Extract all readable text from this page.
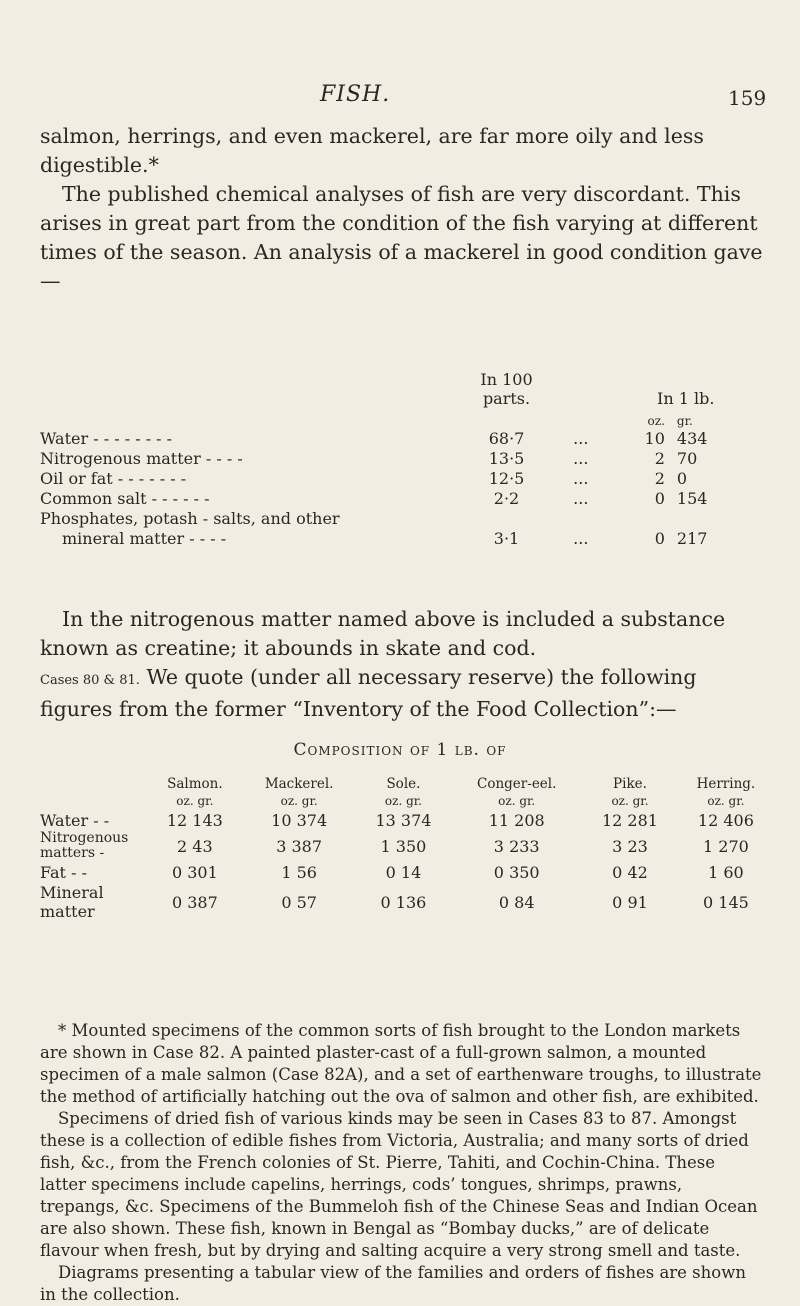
FISH.	159

salmon, herrings, and even mackerel, are far more oily and less digestible.*

The published chemical analyses of fish are very discordant. This arises in great part from the condition of the fish varying at different times of the season. An analysis of a mackerel in good condition gave—

	In 100 parts.		In 1 lb.	
			oz.	gr.
Water - - - - - - - -	68·7	...	10	434
Nitrogenous matter - - - -	13·5	...	2	70
Oil or fat - - - - - - -	12·5	...	2	0
Common salt - - - - - -	2·2	...	0	154
Phosphates, potash - salts, and other				
mineral matter - - - -	3·1	...	0	217

In the nitrogenous matter named above is included a substance known as creatine; it abounds in skate and cod.

Cases 80 & 81. We quote (under all necessary reserve) the following figures from the former “Inventory of the Food Collection”:—

Composition of 1 lb. of
	Salmon.	Mackerel.	Sole.	Conger-eel.	Pike.	Herring.
	oz. gr.	oz. gr.	oz. gr.	oz. gr.	oz. gr.	oz. gr.
Water - -	12 143	10 374	13 374	11 208	12 281	12 406
Nitrogenous matters -	2 43	3 387	1 350	3 233	3 23	1 270
Fat - -	0 301	1 56	0 14	0 350	0 42	1 60
Mineral matter	0 387	0 57	0 136	0 84	0 91	0 145

* Mounted specimens of the common sorts of fish brought to the London markets are shown in Case 82. A painted plaster-cast of a full-grown salmon, a mounted specimen of a male salmon (Case 82A), and a set of earthenware troughs, to illustrate the method of artificially hatching out the ova of salmon and other fish, are exhibited.

Specimens of dried fish of various kinds may be seen in Cases 83 to 87. Amongst these is a collection of edible fishes from Victoria, Australia; and many sorts of dried fish, &c., from the French colonies of St. Pierre, Tahiti, and Cochin-China. These latter specimens include capelins, herrings, cods’ tongues, shrimps, prawns, trepangs, &c. Specimens of the Bummeloh fish of the Chinese Seas and Indian Ocean are also shown. These fish, known in Bengal as “Bombay ducks,” are of delicate flavour when fresh, but by drying and salting acquire a very strong smell and taste.

Diagrams presenting a tabular view of the families and orders of fishes are shown in the collection.
